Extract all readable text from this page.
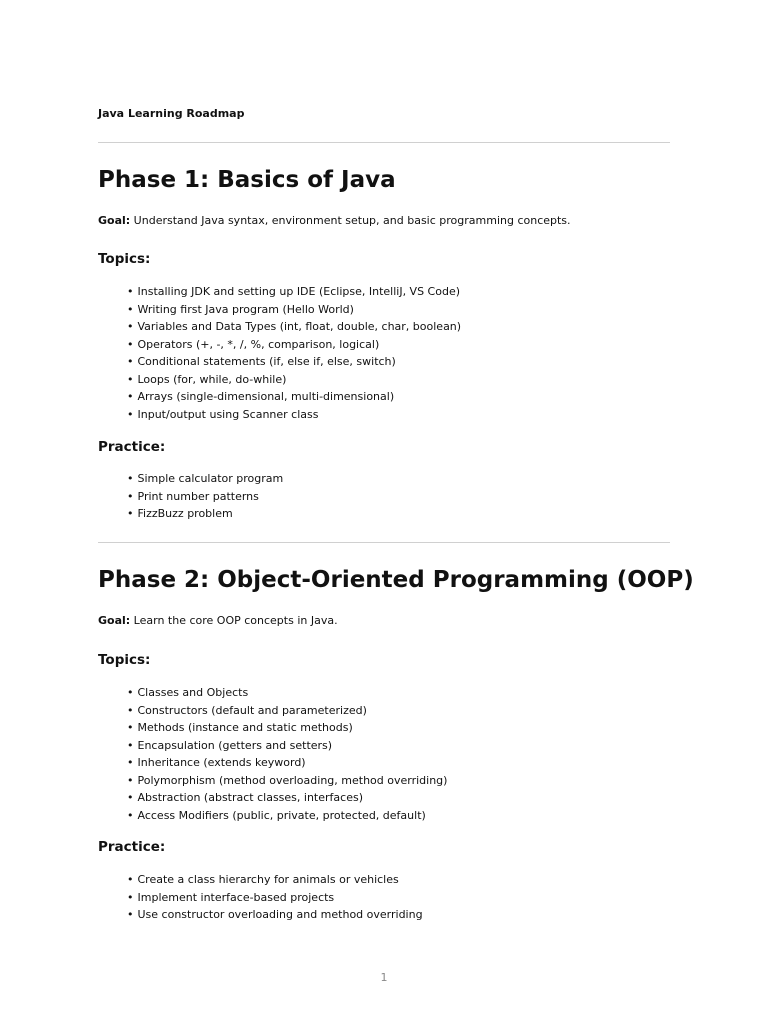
Java Learning Roadmap
Phase 1: Basics of Java
Goal: Understand Java syntax, environment setup, and basic programming concepts.
Topics:
• Installing JDK and setting up IDE (Eclipse, IntelliJ, VS Code)
• Writing first Java program (Hello World)
• Variables and Data Types (int, float, double, char, boolean)
• Operators (+, -, *, /, %, comparison, logical)
• Conditional statements (if, else if, else, switch)
• Loops (for, while, do-while)
• Arrays (single-dimensional, multi-dimensional)
• Input/output using Scanner class
Practice:
• Simple calculator program
• Print number patterns
• FizzBuzz problem
Phase 2: Object-Oriented Programming (OOP)
Goal: Learn the core OOP concepts in Java.
Topics:
• Classes and Objects
• Constructors (default and parameterized)
• Methods (instance and static methods)
• Encapsulation (getters and setters)
• Inheritance (extends keyword)
• Polymorphism (method overloading, method overriding)
• Abstraction (abstract classes, interfaces)
• Access Modifiers (public, private, protected, default)
Practice:
• Create a class hierarchy for animals or vehicles
• Implement interface-based projects
• Use constructor overloading and method overriding
1
